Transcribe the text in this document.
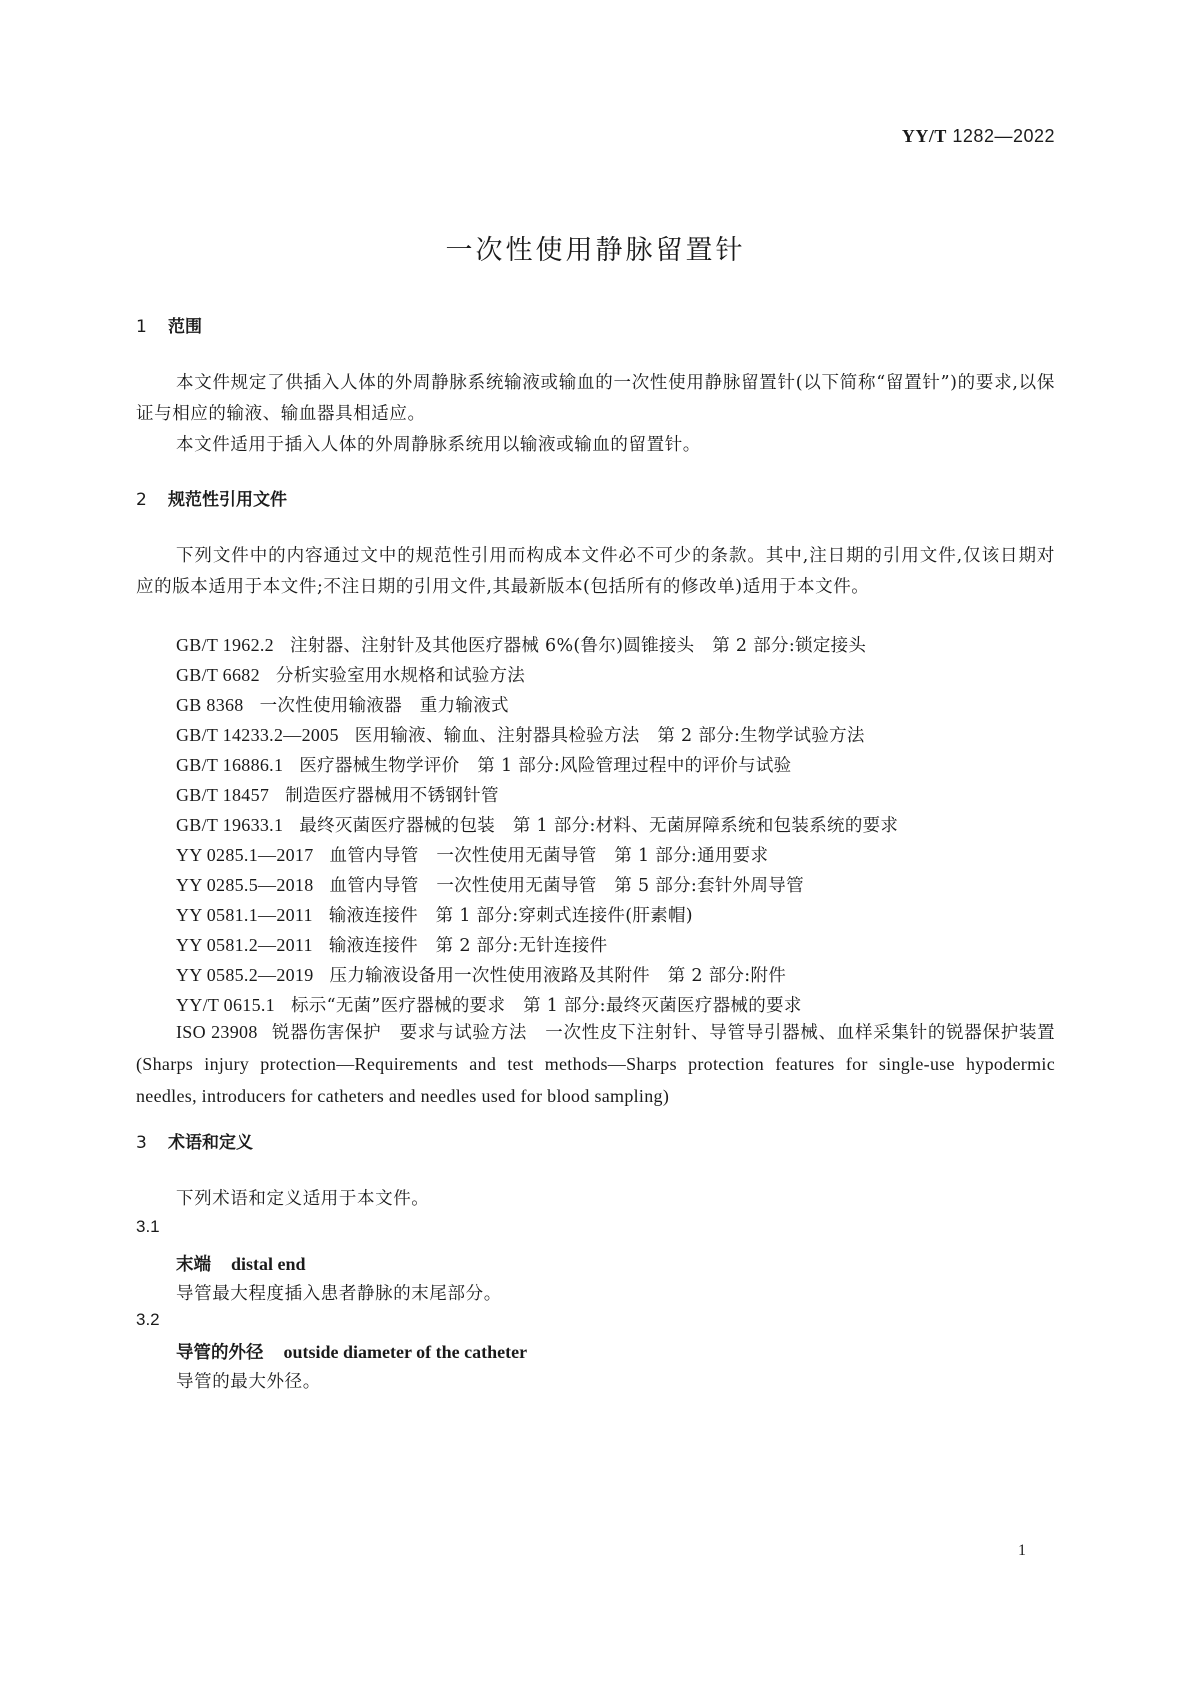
YY/T 1282—2022
一次性使用静脉留置针
1 范围
本文件规定了供插入人体的外周静脉系统输液或输血的一次性使用静脉留置针(以下简称“留置针”)的要求,以保证与相应的输液、输血器具相适应。
本文件适用于插入人体的外周静脉系统用以输液或输血的留置针。
2 规范性引用文件
下列文件中的内容通过文中的规范性引用而构成本文件必不可少的条款。其中,注日期的引用文件,仅该日期对应的版本适用于本文件;不注日期的引用文件,其最新版本(包括所有的修改单)适用于本文件。
GB/T 1962.2 注射器、注射针及其他医疗器械 6%(鲁尔)圆锥接头　第 2 部分:锁定接头
GB/T 6682 分析实验室用水规格和试验方法
GB 8368 一次性使用输液器　重力输液式
GB/T 14233.2—2005 医用输液、输血、注射器具检验方法　第 2 部分:生物学试验方法
GB/T 16886.1 医疗器械生物学评价　第 1 部分:风险管理过程中的评价与试验
GB/T 18457 制造医疗器械用不锈钢针管
GB/T 19633.1 最终灭菌医疗器械的包装　第 1 部分:材料、无菌屏障系统和包装系统的要求
YY 0285.1—2017 血管内导管　一次性使用无菌导管　第 1 部分:通用要求
YY 0285.5—2018 血管内导管　一次性使用无菌导管　第 5 部分:套针外周导管
YY 0581.1—2011 输液连接件　第 1 部分:穿刺式连接件(肝素帽)
YY 0581.2—2011 输液连接件　第 2 部分:无针连接件
YY 0585.2—2019 压力输液设备用一次性使用液路及其附件　第 2 部分:附件
YY/T 0615.1 标示“无菌”医疗器械的要求　第 1 部分:最终灭菌医疗器械的要求
ISO 23908 锐器伤害保护　要求与试验方法　一次性皮下注射针、导管导引器械、血样采集针的锐器保护装置(Sharps injury protection—Requirements and test methods—Sharps protection features for single-use hypodermic needles, introducers for catheters and needles used for blood sampling)
3 术语和定义
下列术语和定义适用于本文件。
3.1
末端 distal end
导管最大程度插入患者静脉的末尾部分。
3.2
导管的外径 outside diameter of the catheter
导管的最大外径。
1
